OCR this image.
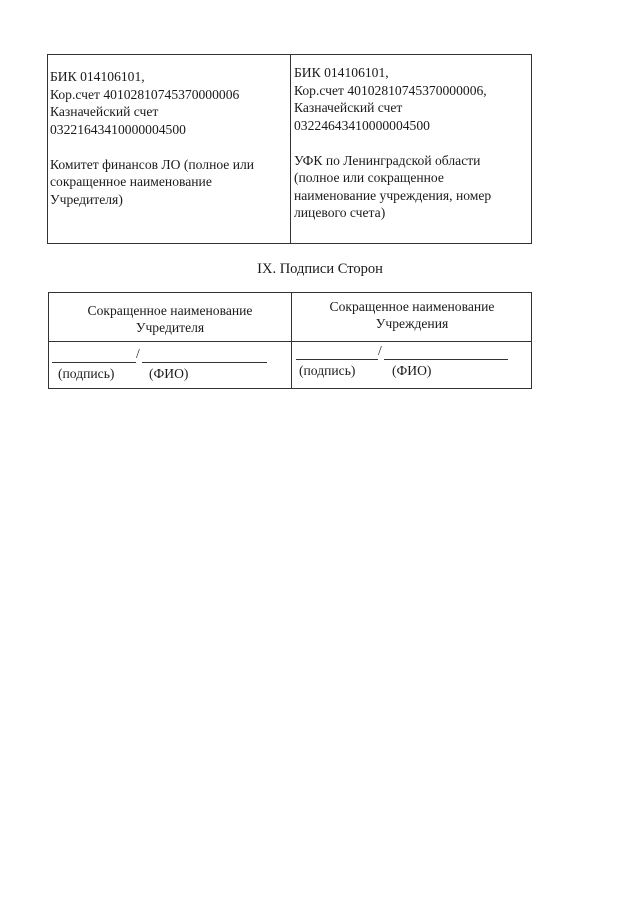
БИК 014106101,
Кор.счет 40102810745370000006
Казначейский счет
03221643410000004500
Комитет финансов ЛО (полное или
сокращенное наименование
Учредителя)
БИК 014106101,
Кор.счет 40102810745370000006,
Казначейский счет
03224643410000004500
УФК по Ленинградской области
(полное или сокращенное
наименование учреждения, номер
лицевого счета)
IX. Подписи Сторон
Сокращенное наименование
Учредителя
Сокращенное наименование
Учреждения
/
(подпись)	(ФИО)
/
(подпись)	(ФИО)
